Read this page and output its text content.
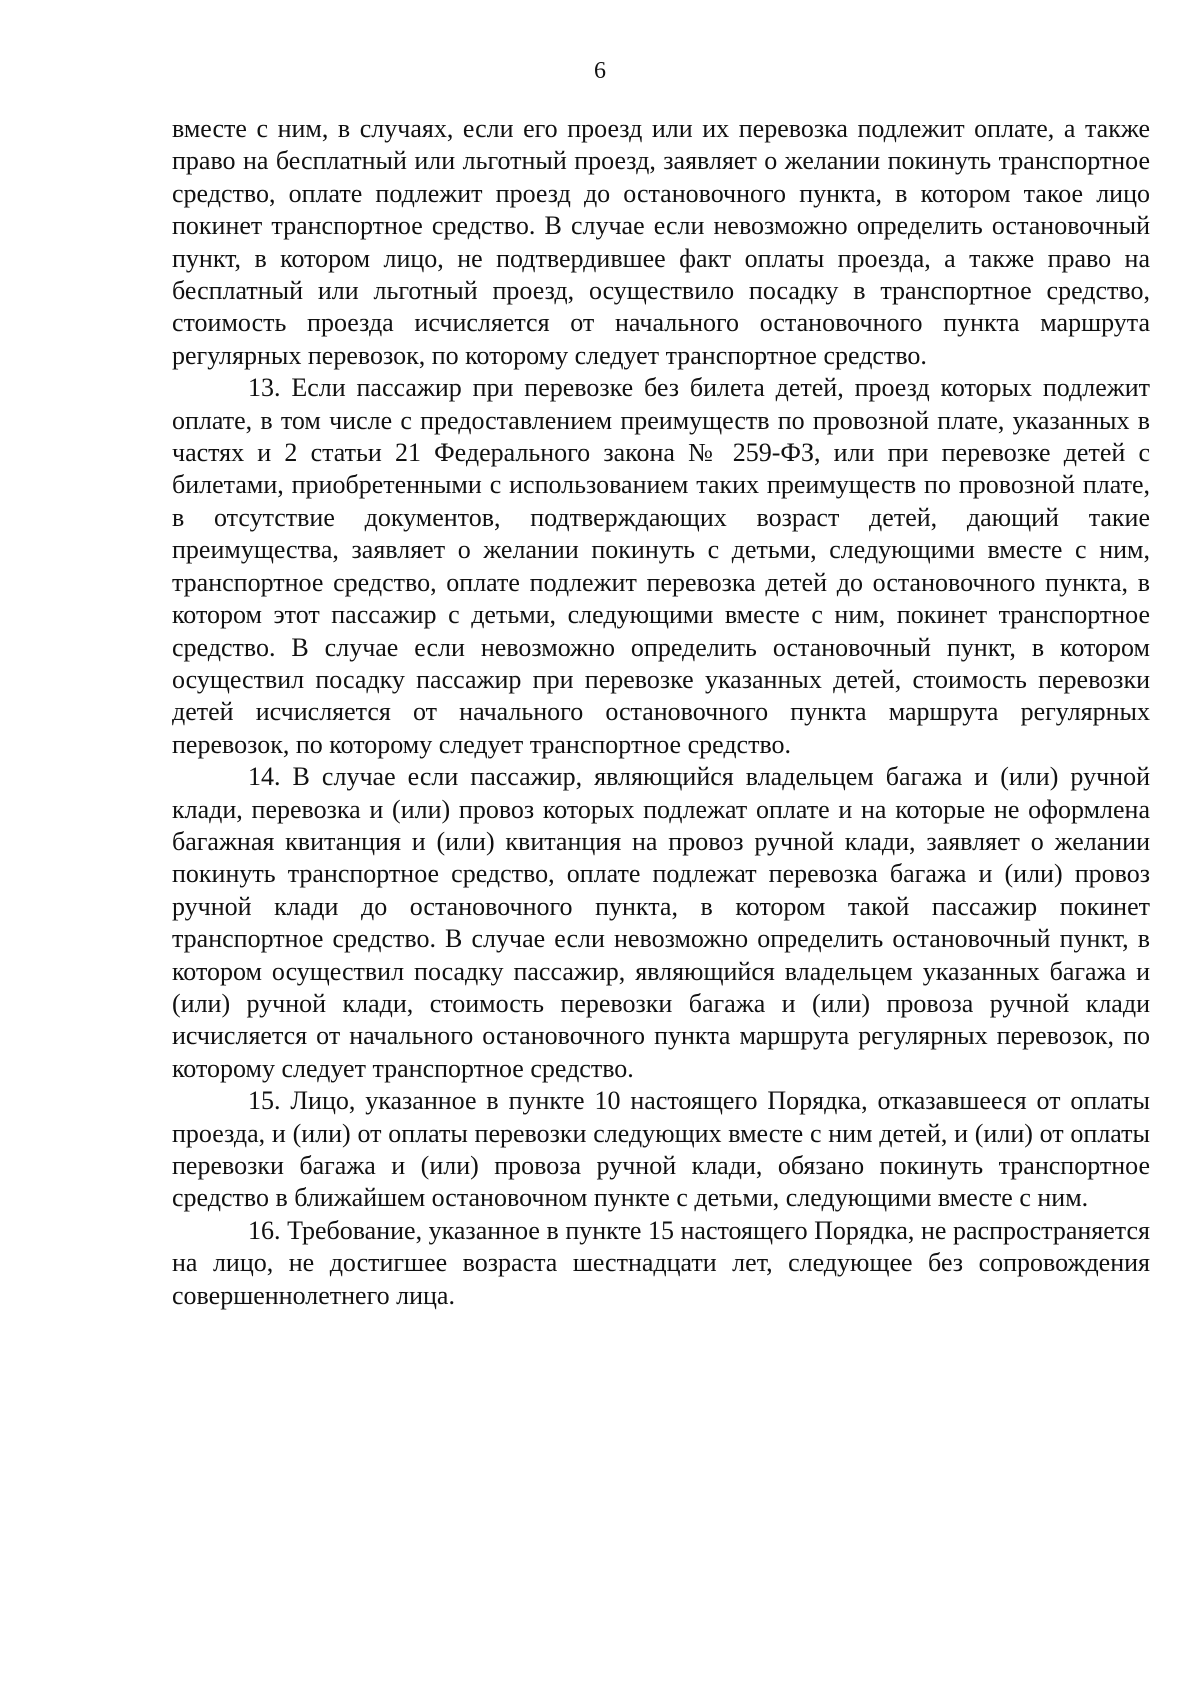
6

вместе с ним, в случаях, если его проезд или их перевозка подлежит оплате, а также право на бесплатный или льготный проезд, заявляет о желании покинуть транспортное средство, оплате подлежит проезд до остановочного пункта, в котором такое лицо покинет транспортное средство. В случае если невозможно определить остановочный пункт, в котором лицо, не подтвердившее факт оплаты проезда, а также право на бесплатный или льготный проезд, осуществило посадку в транспортное средство, стоимость проезда исчисляется от начального остановочного пункта маршрута регулярных перевозок, по которому следует транспортное средство.

13. Если пассажир при перевозке без билета детей, проезд которых подлежит оплате, в том числе с предоставлением преимуществ по провозной плате, указанных в частях и 2 статьи 21 Федерального закона № 259-ФЗ, или при перевозке детей с билетами, приобретенными с использованием таких преимуществ по провозной плате, в отсутствие документов, подтверждающих возраст детей, дающий такие преимущества, заявляет о желании покинуть с детьми, следующими вместе с ним, транспортное средство, оплате подлежит перевозка детей до остановочного пункта, в котором этот пассажир с детьми, следующими вместе с ним, покинет транспортное средство. В случае если невозможно определить остановочный пункт, в котором осуществил посадку пассажир при перевозке указанных детей, стоимость перевозки детей исчисляется от начального остановочного пункта маршрута регулярных перевозок, по которому следует транспортное средство.

14. В случае если пассажир, являющийся владельцем багажа и (или) ручной клади, перевозка и (или) провоз которых подлежат оплате и на которые не оформлена багажная квитанция и (или) квитанция на провоз ручной клади, заявляет о желании покинуть транспортное средство, оплате подлежат перевозка багажа и (или) провоз ручной клади до остановочного пункта, в котором такой пассажир покинет транспортное средство. В случае если невозможно определить остановочный пункт, в котором осуществил посадку пассажир, являющийся владельцем указанных багажа и (или) ручной клади, стоимость перевозки багажа и (или) провоза ручной клади исчисляется от начального остановочного пункта маршрута регулярных перевозок, по которому следует транспортное средство.

15. Лицо, указанное в пункте 10 настоящего Порядка, отказавшееся от оплаты проезда, и (или) от оплаты перевозки следующих вместе с ним детей, и (или) от оплаты перевозки багажа и (или) провоза ручной клади, обязано покинуть транспортное средство в ближайшем остановочном пункте с детьми, следующими вместе с ним.

16. Требование, указанное в пункте 15 настоящего Порядка, не распространяется на лицо, не достигшее возраста шестнадцати лет, следующее без сопровождения совершеннолетнего лица.
